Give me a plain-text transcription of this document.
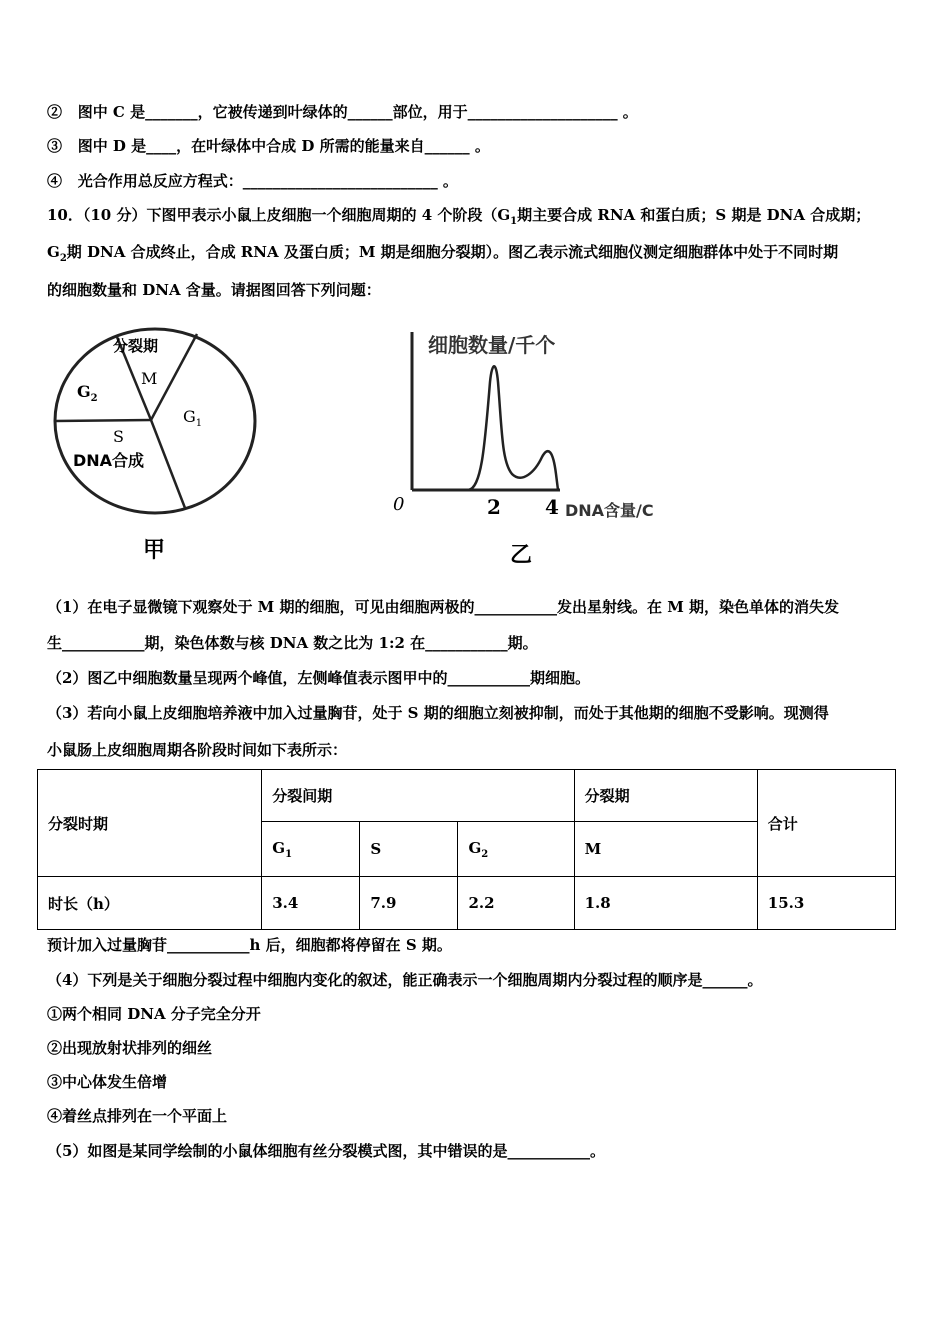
② 图中 C 是_______，它被传递到叶绿体的______部位，用于____________________ 。
③ 图中 D 是____，在叶绿体中合成 D 所需的能量来自______ 。
④ 光合作用总反应方程式：__________________________ 。
10．（10 分）下图甲表示小鼠上皮细胞一个细胞周期的 4 个阶段（$G_1$期主要合成 RNA 和蛋白质；S 期是 DNA 合成期；
$G_2$期 DNA 合成终止，合成 RNA 及蛋白质；M 期是细胞分裂期）。图乙表示流式细胞仪测定细胞群体中处于不同时期
的细胞数量和 DNA 含量。请据图回答下列问题：
分裂期
M
$G_2$
$G_1$
S
DNA合成
甲
细胞数量/千个
0	2 4 DNA含量/C
乙
（1）在电子显微镜下观察处于 M 期的细胞，可见由细胞两极的___________发出星射线。在 M 期，染色单体的消失发
生___________期，染色体数与核 DNA 数之比为 1:2 在___________期。
（2）图乙中细胞数量呈现两个峰值，左侧峰值表示图甲中的___________期细胞。
（3）若向小鼠上皮细胞培养液中加入过量胸苷，处于 S 期的细胞立刻被抑制，而处于其他期的细胞不受影响。现测得
小鼠肠上皮细胞周期各阶段时间如下表所示：
分裂时期	分裂间期			分裂期	合计
	$G_1$	S	$G_2$	M	
时长（h）	3.4	7.9	2.2	1.8	15.3
预计加入过量胸苷___________h 后，细胞都将停留在 S 期。
（4）下列是关于细胞分裂过程中细胞内变化的叙述，能正确表示一个细胞周期内分裂过程的顺序是______。
①两个相同 DNA 分子完全分开
②出现放射状排列的细丝
③中心体发生倍增
④着丝点排列在一个平面上
（5）如图是某同学绘制的小鼠体细胞有丝分裂模式图，其中错误的是___________。
